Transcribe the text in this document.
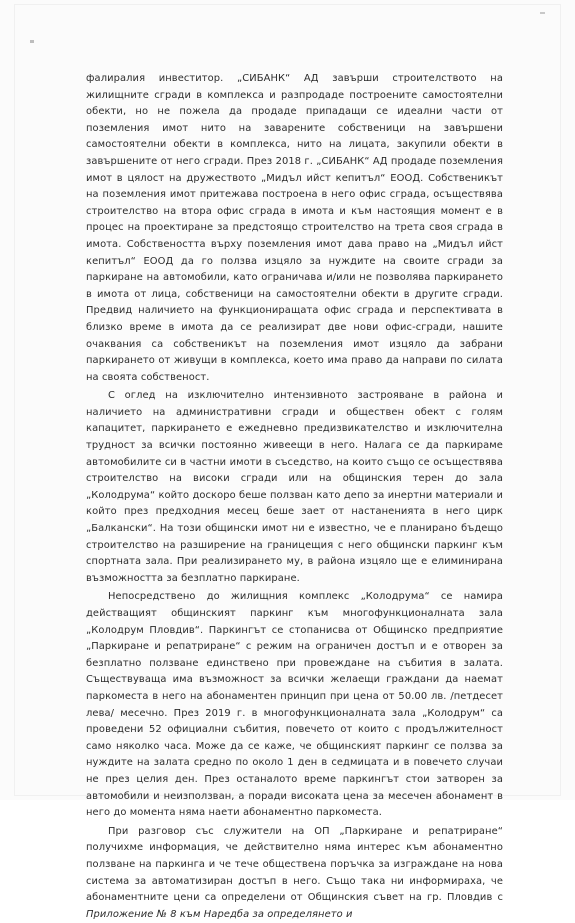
фалиралия инвеститор. „СИБАНК“ АД завърши строителството на жилищните сгради в комплекса и разпродаде построените самостоятелни обекти, но не пожела да продаде припадащи се идеални части от поземления имот нито на заварените собственици на завършени самостоятелни обекти в комплекса, нито на лицата, закупили обекти в завършените от него сгради. През 2018 г. „СИБАНК“ АД продаде поземления имот в цялост на дружеството „Мидъл ийст кепитъл“ ЕООД. Собственикът на поземления имот притежава построена в него офис сграда, осъществява строителство на втора офис сграда в имота и към настоящия момент е в процес на проектиране за предстоящо строителство на трета своя сграда в имота. Собствеността върху поземления имот дава право на „Мидъл ийст кепитъл“ ЕООД да го ползва изцяло за нуждите на своите сгради за паркиране на автомобили, като ограничава и/или не позволява паркирането в имота от лица, собственици на самостоятелни обекти в другите сгради. Предвид наличието на функциониращата офис сграда и перспективата в близко време в имота да се реализират две нови офис-сгради, нашите очаквания са собственикът на поземления имот изцяло да забрани паркирането от живущи в комплекса, което има право да направи по силата на своята собственост.

С оглед на изключително интензивното застрояване в района и наличието на административни сгради и обществен обект с голям капацитет, паркирането е ежедневно предизвикателство и изключителна трудност за всички постоянно живеещи в него. Налага се да паркираме автомобилите си в частни имоти в съседство, на които също се осъществява строителство на високи сгради или на общинския терен до зала „Колодрума“ който доскоро беше ползван като депо за инертни материали и който през предходния месец беше зает от настаненията в него цирк „Балкански“. На този общински имот ни е известно, че е планирано бъдещо строителство на разширение на границещия с него общински паркинг към спортната зала. При реализирането му, в района изцяло ще е елиминирана възможността за безплатно паркиране.

Непосредствено до жилищния комплекс „Колодрума“ се намира действащият общинският паркинг към многофункционалната зала „Колодрум Пловдив“. Паркингът се стопанисва от Общинско предприятие „Паркиране и репатриране“ с режим на ограничен достъп и е отворен за безплатно ползване единствено при провеждане на събития в залата. Съществуваща има възможност за всички желаещи граждани да наемат паркоместа в него на абонаментен принцип при цена от 50.00 лв. /петдесет лева/ месечно. През 2019 г. в многофункционалната зала „Колодрум“ са проведени 52 официални събития, повечето от които с продължителност само няколко часа. Може да се каже, че общинският паркинг се ползва за нуждите на залата средно по около 1 ден в седмицата и в повечето случаи не през целия ден. През останалото време паркингът стои затворен за автомобили и неизползван, а поради високата цена за месечен абонамент в него до момента няма наети абонаментно паркоместа.

При разговор със служители на ОП „Паркиране и репатриране“ получихме информация, че действително няма интерес към абонаментно ползване на паркинга и че тече обществена поръчка за изграждане на нова система за автоматизиран достъп в него. Също така ни информираха, че абонаментните цени са определени от Общинския съвет на гр. Пловдив с Приложение № 8 към Наредба за определянето и
